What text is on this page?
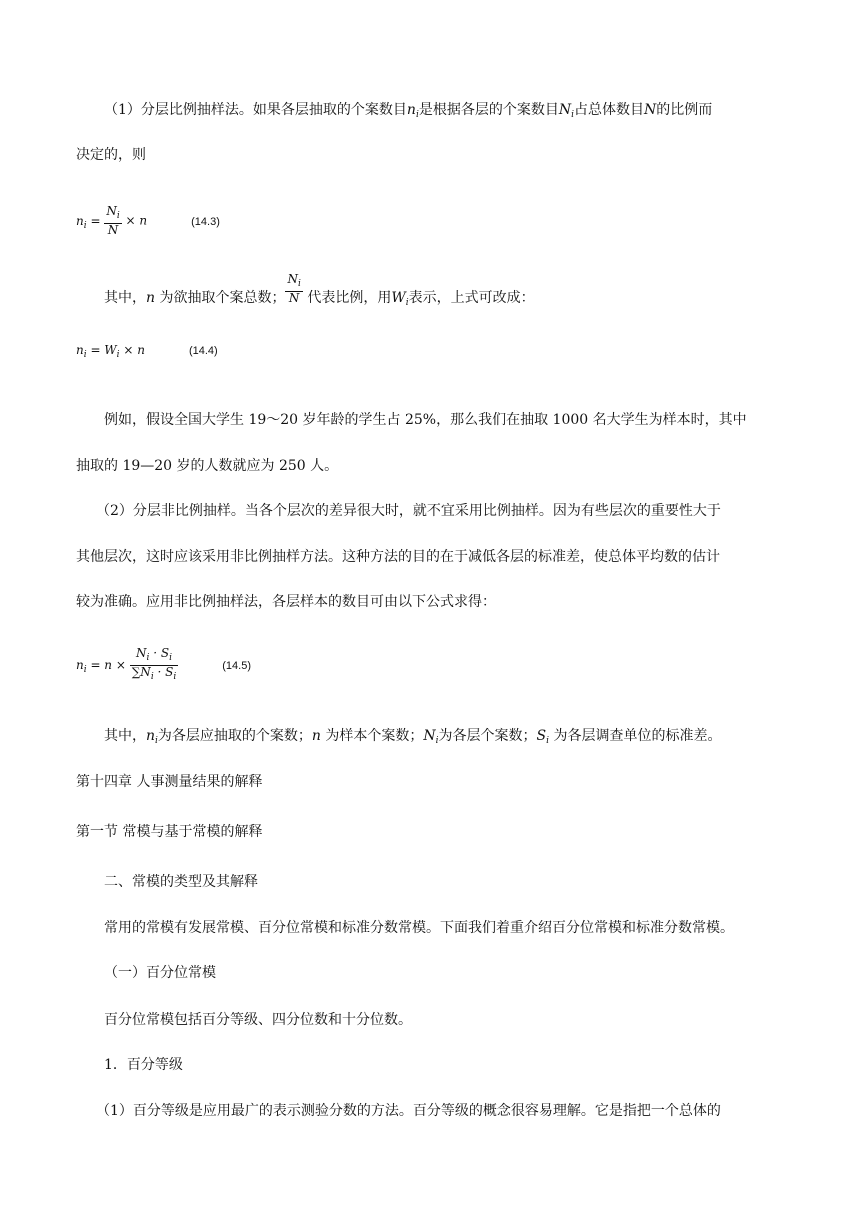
（1）分层比例抽样法。如果各层抽取的个案数目$n_i$是根据各层的个案数目$N_i$占总体数目N的比例而
决定的，则
$n_i = \frac{N_i}{N} \times n$	(14.3)
其中，n 为欲抽取个案总数； $\frac{N_i}{N}$ 代表比例，用$W_i$表示，上式可改成：
$n_i = W_i \times n$	(14.4)
例如，假设全国大学生 19～20 岁年龄的学生占 25%，那么我们在抽取 1000 名大学生为样本时，其中
抽取的 19—20 岁的人数就应为 250 人。
（2）分层非比例抽样。当各个层次的差异很大时，就不宜采用比例抽样。因为有些层次的重要性大于
其他层次，这时应该采用非比例抽样方法。这种方法的目的在于减低各层的标准差，使总体平均数的估计
较为准确。应用非比例抽样法，各层样本的数目可由以下公式求得：
$n_i = n \times \frac{N_i \cdot S_i}{\sum N_i \cdot S_i}$	(14.5)
其中，$n_i$为各层应抽取的个案数；n 为样本个案数；$N_i$为各层个案数；$S_i$ 为各层调查单位的标准差。
第十四章 人事测量结果的解释
第一节 常模与基于常模的解释
二、常模的类型及其解释
常用的常模有发展常模、百分位常模和标准分数常模。下面我们着重介绍百分位常模和标准分数常模。
（一）百分位常模
百分位常模包括百分等级、四分位数和十分位数。
1．百分等级
（1）百分等级是应用最广的表示测验分数的方法。百分等级的概念很容易理解。它是指把一个总体的
